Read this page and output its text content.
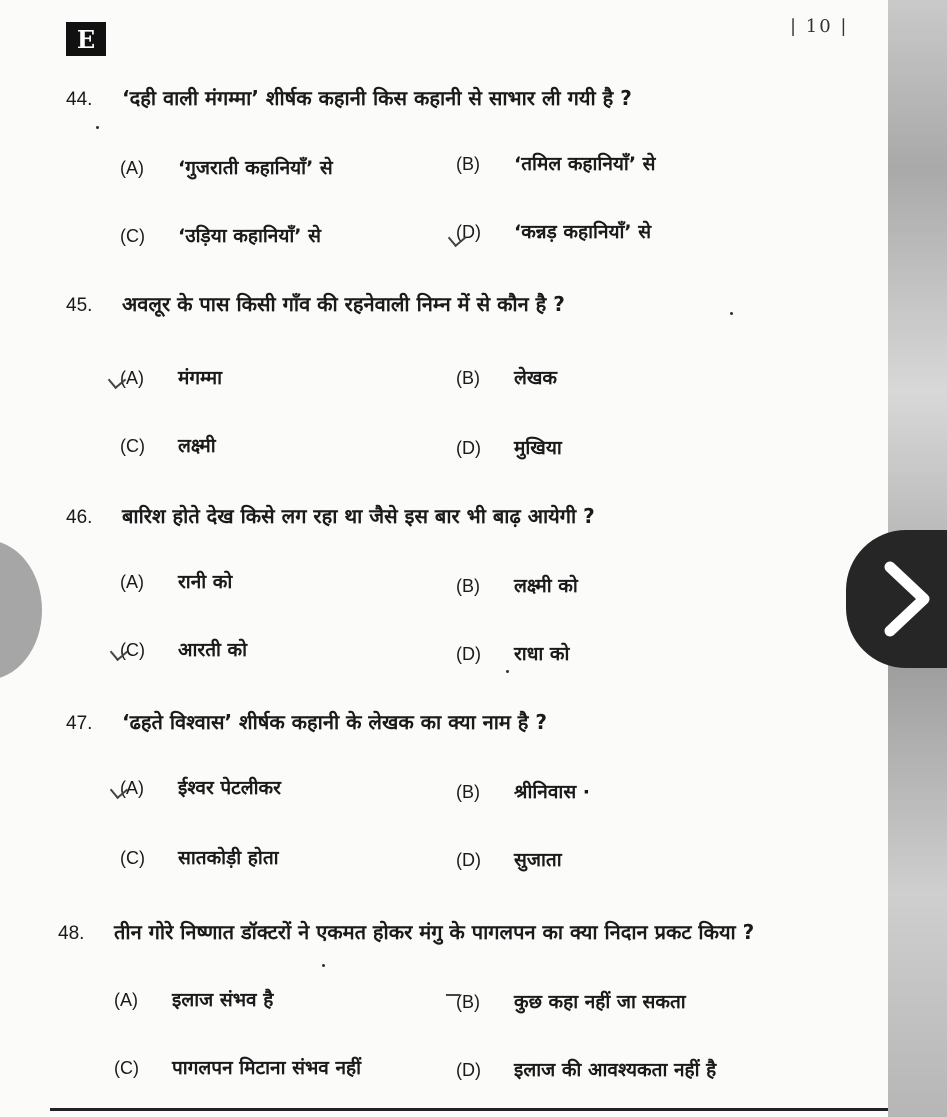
E	| 10 |
44. ‘दही वाली मंगम्मा’ शीर्षक कहानी किस कहानी से साभार ली गयी है ?
(A) ‘गुजराती कहानियाँ’ से	(B) ‘तमिल कहानियाँ’ से
(C) ‘उड़िया कहानियाँ’ से	(D) ‘कन्नड़ कहानियाँ’ से
45. अवलूर के पास किसी गाँव की रहनेवाली निम्न में से कौन है ?
(A) मंगम्मा	(B) लेखक
(C) लक्ष्मी	(D) मुखिया
46. बारिश होते देख किसे लग रहा था जैसे इस बार भी बाढ़ आयेगी ?
(A) रानी को	(B) लक्ष्मी को
(C) आरती को	(D) राधा को
47. ‘ढहते विश्वास’ शीर्षक कहानी के लेखक का क्या नाम है ?
(A) ईश्वर पेटलीकर	(B) श्रीनिवास ·
(C) सातकोड़ी होता	(D) सुजाता
48. तीन गोरे निष्णात डॉक्टरों ने एकमत होकर मंगु के पागलपन का क्या निदान प्रकट किया ?
(A) इलाज संभव है	(B) कुछ कहा नहीं जा सकता
(C) पागलपन मिटाना संभव नहीं	(D) इलाज की आवश्यकता नहीं है
